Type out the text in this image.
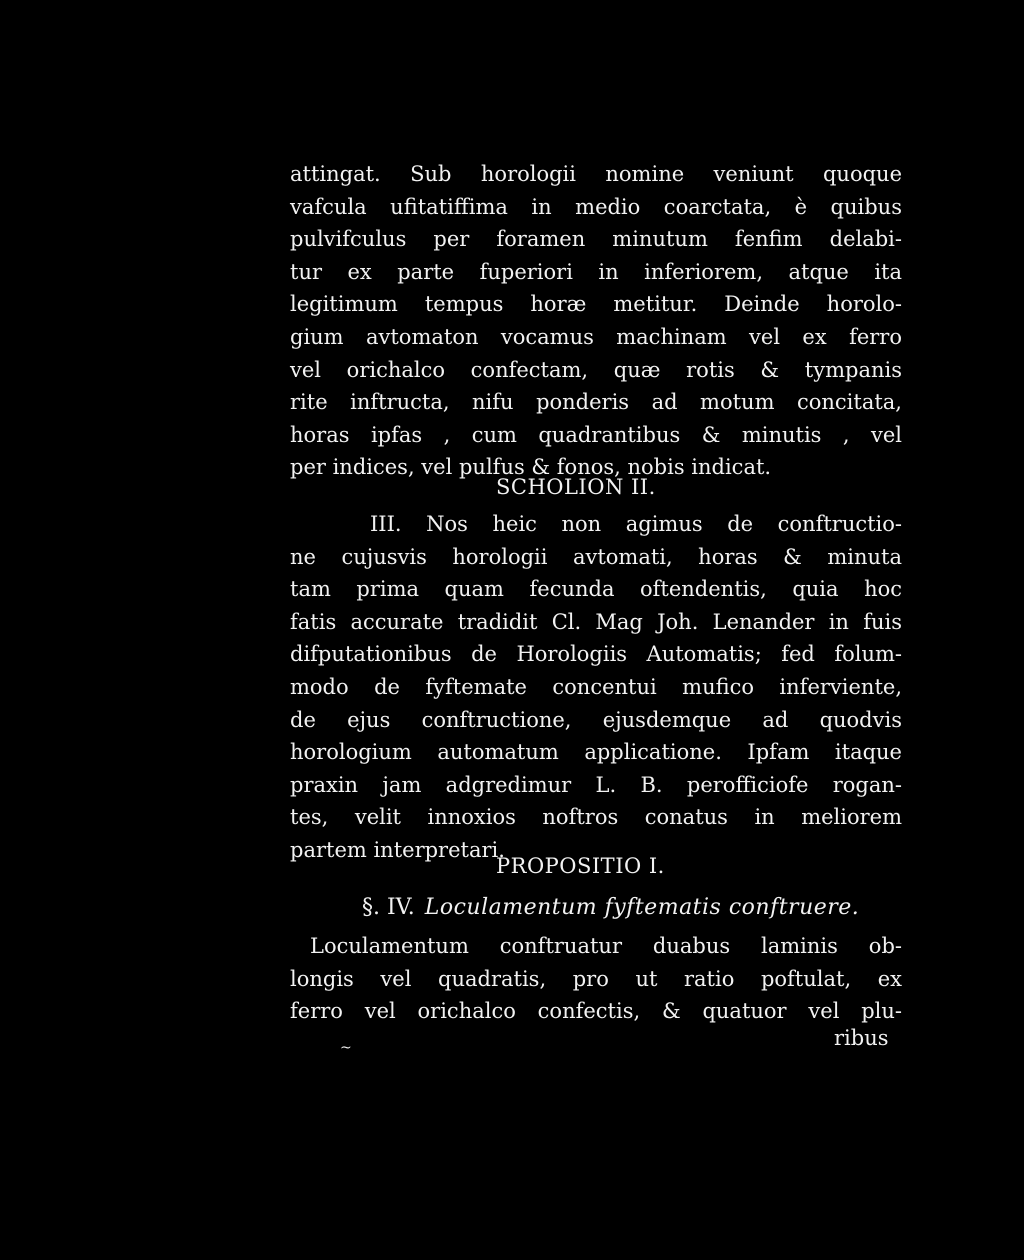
attingat. Sub horologii nomine veniunt quoque
vafcula ufitatiffima in medio coarctata, è quibus
pulvifculus per foramen minutum fenfim delabi-
tur ex parte fuperiori in inferiorem, atque ita
legitimum tempus horæ metitur. Deinde horolo-
gium avtomaton vocamus machinam vel ex ferro
vel orichalco confectam, quæ rotis & tympanis
rite inftructa, nifu ponderis ad motum concitata,
horas ipfas , cum quadrantibus & minutis , vel
per indices, vel pulfus & fonos, nobis indicat.
SCHOLION II.
III. Nos heic non agimus de conftructio-
ne cujusvis horologii avtomati, horas & minuta
tam prima quam fecunda oftendentis, quia hoc
fatis accurate tradidit Cl. Mag Joh. Lenander in fuis
difputationibus de Horologiis Automatis; fed folum-
modo de fyftemate concentui mufico inferviente,
de ejus conftructione, ejusdemque ad quodvis
horologium automatum applicatione. Ipfam itaque
praxin jam adgredimur L. B. perofficiofe rogan-
tes, velit innoxios noftros conatus in meliorem
partem interpretari.
PROPOSITIO I.
§. IV. Loculamentum fyftematis conftruere.
Loculamentum conftruatur duabus laminis ob-
longis vel quadratis, pro ut ratio poftulat, ex
ferro vel orichalco confectis, & quatuor vel plu-
~	ribus
